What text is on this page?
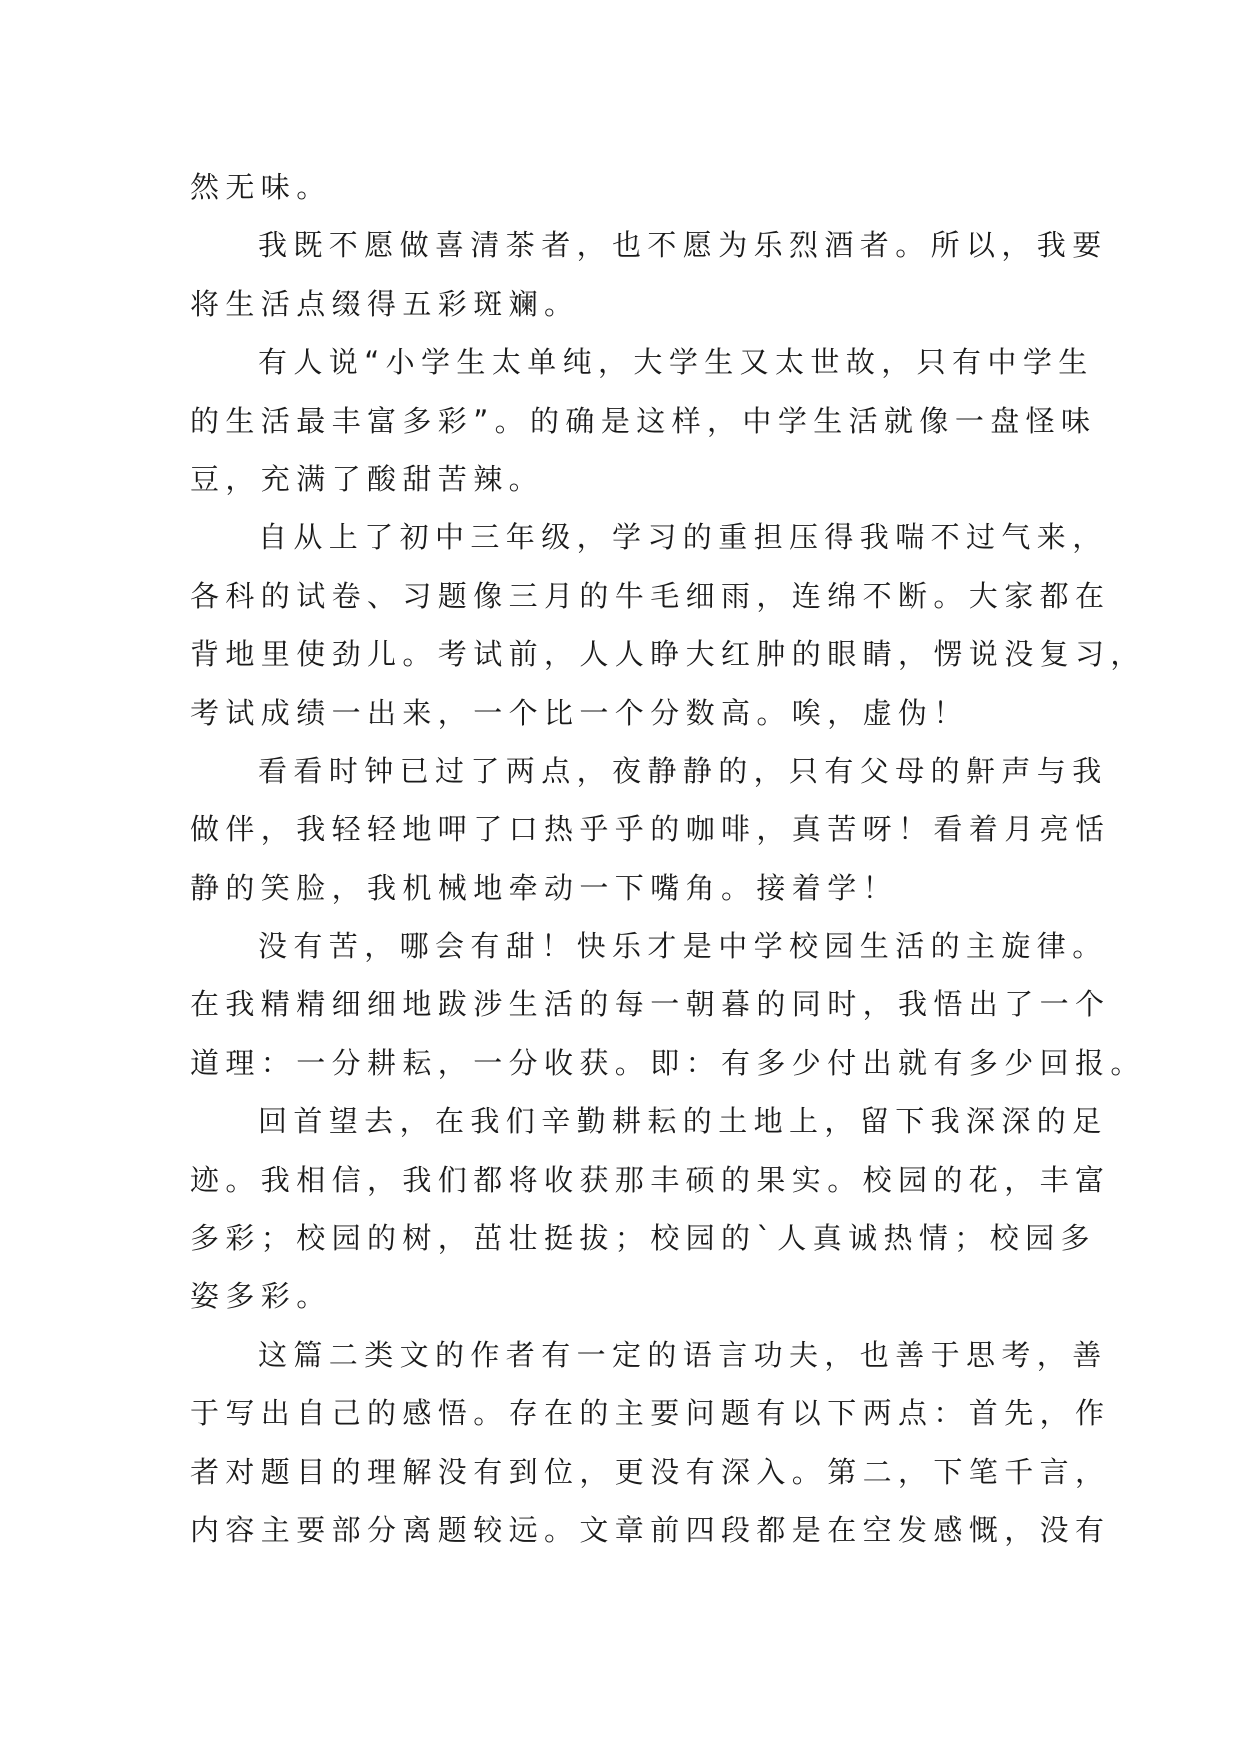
然无味。
我既不愿做喜清茶者，也不愿为乐烈酒者。所以，我要
将生活点缀得五彩斑斓。
有人说“小学生太单纯，大学生又太世故，只有中学生
的生活最丰富多彩”。的确是这样，中学生活就像一盘怪味
豆，充满了酸甜苦辣。
自从上了初中三年级，学习的重担压得我喘不过气来，
各科的试卷、习题像三月的牛毛细雨，连绵不断。大家都在
背地里使劲儿。考试前，人人睁大红肿的眼睛，愣说没复习，
考试成绩一出来，一个比一个分数高。唉，虚伪！
看看时钟已过了两点，夜静静的，只有父母的鼾声与我
做伴，我轻轻地呷了口热乎乎的咖啡，真苦呀！看着月亮恬
静的笑脸，我机械地牵动一下嘴角。接着学！
没有苦，哪会有甜！快乐才是中学校园生活的主旋律。
在我精精细细地跋涉生活的每一朝暮的同时，我悟出了一个
道理：一分耕耘，一分收获。即：有多少付出就有多少回报。
回首望去，在我们辛勤耕耘的土地上，留下我深深的足
迹。我相信，我们都将收获那丰硕的果实。校园的花，丰富
多彩；校园的树，茁壮挺拔；校园的`人真诚热情；校园多
姿多彩。
这篇二类文的作者有一定的语言功夫，也善于思考，善
于写出自己的感悟。存在的主要问题有以下两点：首先，作
者对题目的理解没有到位，更没有深入。第二，下笔千言，
内容主要部分离题较远。文章前四段都是在空发感慨，没有
